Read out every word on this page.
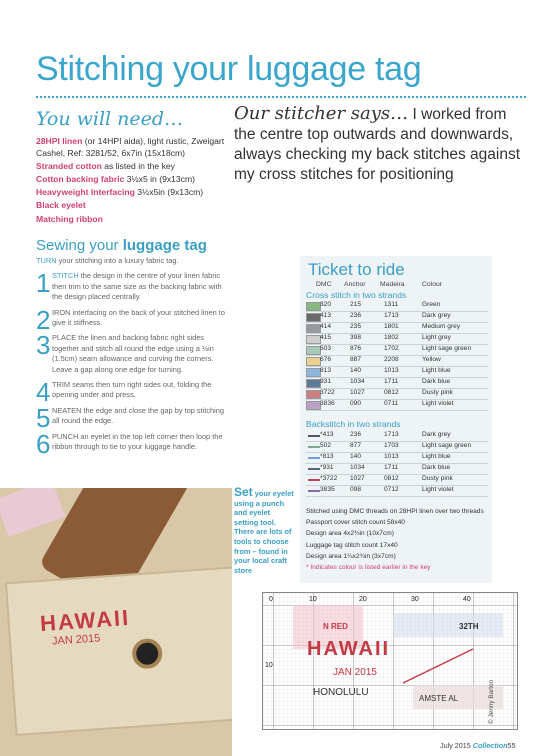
Stitching your luggage tag
You will need…
28HPI linen (or 14HPI aida), light rustic, Zweigart Cashel, Ref: 3281/52, 6x7in (15x18cm)
Stranded cotton as listed in the key
Cotton backing fabric 3½x5 in (9x13cm)
Heavyweight Interfacing 3½x5in (9x13cm)
Black eyelet
Matching ribbon
Our stitcher says… I worked from the centre top outwards and downwards, always checking my back stitches against my cross stitches for positioning
Sewing your luggage tag
TURN your stitching into a luxury fabric tag.
1 STITCH the design in the centre of your linen fabric then trim to the same size as the backing fabric with the design placed centrally.
2 IRON interfacing on the back of your stitched linen to give it stiffness.
3 PLACE the linen and backing fabric right sides together and stitch all round the edge using a ½in (1.5cm) seam allowance and curving the corners. Leave a gap along one edge for turning.
4 TRIM seams then turn right sides out, folding the opening under and press.
5 NEATEN the edge and close the gap by top stitching all round the edge.
6 PUNCH an eyelet in the top left corner then loop the ribbon through to tie to your luggage handle.
HAWAII
JAN 2015
Set your eyelet using a punch and eyelet setting tool. There are lots of tools to choose from – found in your local craft store
Ticket to ride
DMC Anchor Madeira	Colour
Cross stitch in two strands
320	215	1311	Green
413	236	1713	Dark grey
414	235	1801	Medium grey
415	398	1802	Light grey
503	876	1702	Light sage green
676	887	2208	Yellow
813	140	1013	Light blue
931	1034	1711	Dark blue
3722 1027	0812	Dusty pink
3836 090	0711	Light violet
Backstitch in two strands
*413 236	1713	Dark grey
502	877	1703	Light sage green
*813 140	1013	Light blue
*931 1034	1711	Dark blue
*3722 1027	0812	Dusty pink
3835 098	0712	Light violet
Stitched using DMC threads on 28HPI linen over two threads
Passport cover stitch count 58x40
Design area 4x2¾in (10x7cm)
Luggage tag stitch count 17x40
Design area 1¼x2¾in (3x7cm)
* Indicates colour is listed earlier in the key
0	10	20	30	40
10
N RED
HAWAII
JAN 2015
HONOLULU
32TH
AMSTE AL	© Jenny Barton
July 2015 Collection55
